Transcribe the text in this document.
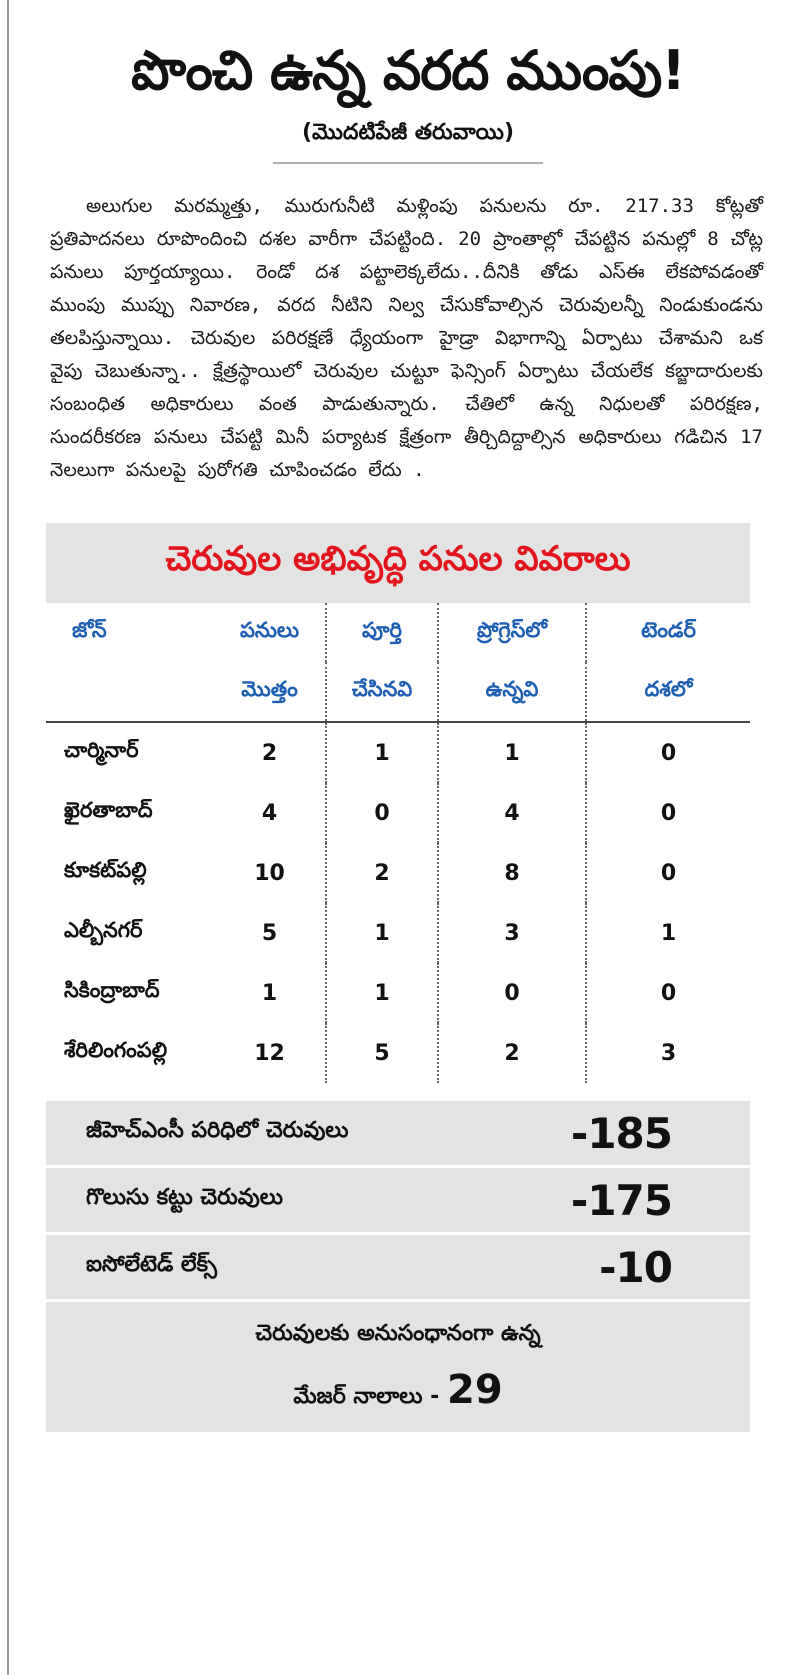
పొంచి ఉన్న వరద ముంపు!
(మొదటిపేజీ తరువాయి)

అలుగుల మరమ్మత్తు, మురుగునీటి మళ్లింపు పనులను రూ. 217.33 కోట్లతో ప్రతిపాదనలు రూపొందించి దశల వారీగా చేపట్టింది. 20 ప్రాంతాల్లో చేపట్టిన పనుల్లో 8 చోట్ల పనులు పూర్తయ్యాయి. రెండో దశ పట్టాలెక్కలేదు..దీనికి తోడు ఎస్ఈ లేకపోవడంతో ముంపు ముప్పు నివారణ, వరద నీటిని నిల్వ చేసుకోవాల్సిన చెరువులన్నీ నిండుకుండను తలపిస్తున్నాయి. చెరువుల పరిరక్షణే ధ్యేయంగా హైడ్రా విభాగాన్ని ఏర్పాటు చేశామని ఒక వైపు చెబుతున్నా.. క్షేత్రస్థాయిలో చెరువుల చుట్టూ ఫెన్సింగ్ ఏర్పాటు చేయలేక కబ్జాదారులకు సంబంధిత అధికారులు వంత పాడుతున్నారు. చేతిలో ఉన్న నిధులతో పరిరక్షణ, సుందరీకరణ పనులు చేపట్టి మినీ పర్యాటక క్షేత్రంగా తీర్చిదిద్దాల్సిన అధికారులు గడిచిన 17 నెలలుగా పనులపై పురోగతి చూపించడం లేదు .

చెరువుల అభివృద్ధి పనుల వివరాలు
జోన్	పనులు	పూర్తి	ప్రోగ్రెస్‌లో	టెండర్
	మొత్తం	చేసినవి	ఉన్నవి	దశలో
చార్మినార్	2	1	1	0
ఖైరతాబాద్	4	0	4	0
కూకట్‌పల్లి	10	2	8	0
ఎల్బీనగర్	5	1	3	1
సికింద్రాబాద్	1	1	0	0
శేరిలింగంపల్లి	12	5	2	3
జీహెచ్ఎంసీ పరిధిలో చెరువులు	-185
గొలుసు కట్టు చెరువులు	-175
ఐసోలేటెడ్ లేక్స్	-10
చెరువులకు అనుసంధానంగా ఉన్న
మేజర్ నాలాలు - 29
